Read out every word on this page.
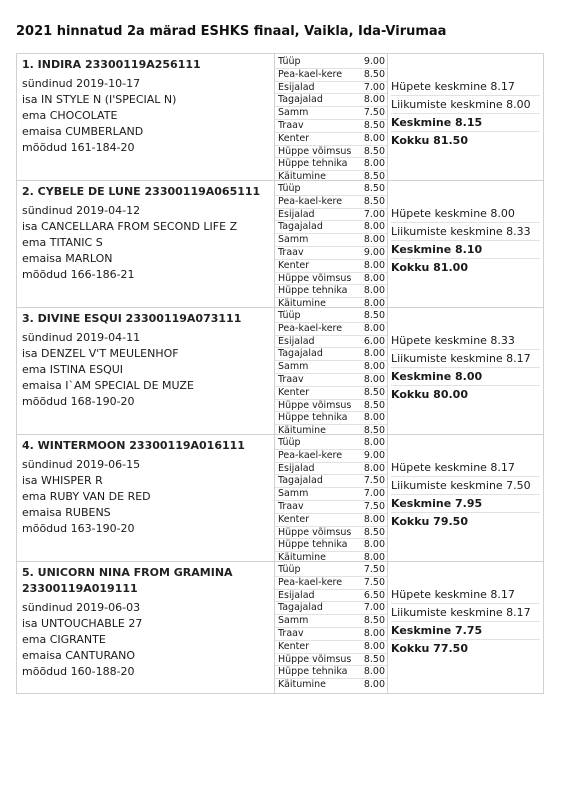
2021 hinnatud 2a märad ESHKS finaal, Vaikla, Ida-Virumaa
1. INDIRA 23300119A256111
sündinud 2019-10-17
isa IN STYLE N (I'SPECIAL N)
ema CHOCOLATE
emaisa CUMBERLAND
mõõdud 161-184-20
Tüüp	9.00
Pea-kael-kere 8.50
Esijalad	7.00
Tagajalad	8.00
Samm	7.50
Traav	8.50
Kenter	8.00
Hüppe võimsus 8.50
Hüppe tehnika 8.00
Käitumine	8.50
Hüpete keskmine 8.17
Liikumiste keskmine 8.00
Keskmine 8.15
Kokku 81.50
2. CYBELE DE LUNE 23300119A065111
sündinud 2019-04-12
isa CANCELLARA FROM SECOND LIFE Z
ema TITANIC S
emaisa MARLON
mõõdud 166-186-21
Tüüp	8.50
Pea-kael-kere 8.50
Esijalad	7.00
Tagajalad	8.00
Samm	8.00
Traav	9.00
Kenter	8.00
Hüppe võimsus 8.00
Hüppe tehnika 8.00
Käitumine	8.00
Hüpete keskmine 8.00
Liikumiste keskmine 8.33
Keskmine 8.10
Kokku 81.00
3. DIVINE ESQUI 23300119A073111
sündinud 2019-04-11
isa DENZEL V'T MEULENHOF
ema ISTINA ESQUI
emaisa I`AM SPECIAL DE MUZE
mõõdud 168-190-20
Tüüp	8.50
Pea-kael-kere 8.00
Esijalad	6.00
Tagajalad	8.00
Samm	8.00
Traav	8.00
Kenter	8.50
Hüppe võimsus 8.50
Hüppe tehnika 8.00
Käitumine	8.50
Hüpete keskmine 8.33
Liikumiste keskmine 8.17
Keskmine 8.00
Kokku 80.00
4. WINTERMOON 23300119A016111
sündinud 2019-06-15
isa WHISPER R
ema RUBY VAN DE RED
emaisa RUBENS
mõõdud 163-190-20
Tüüp	8.00
Pea-kael-kere 9.00
Esijalad	8.00
Tagajalad	7.50
Samm	7.00
Traav	7.50
Kenter	8.00
Hüppe võimsus 8.50
Hüppe tehnika 8.00
Käitumine	8.00
Hüpete keskmine 8.17
Liikumiste keskmine 7.50
Keskmine 7.95
Kokku 79.50
5. UNICORN NINA FROM GRAMINA 23300119A019111
sündinud 2019-06-03
isa UNTOUCHABLE 27
ema CIGRANTE
emaisa CANTURANO
mõõdud 160-188-20
Tüüp	7.50
Pea-kael-kere 7.50
Esijalad	6.50
Tagajalad	7.00
Samm	8.50
Traav	8.00
Kenter	8.00
Hüppe võimsus 8.50
Hüppe tehnika 8.00
Käitumine	8.00
Hüpete keskmine 8.17
Liikumiste keskmine 8.17
Keskmine 7.75
Kokku 77.50
